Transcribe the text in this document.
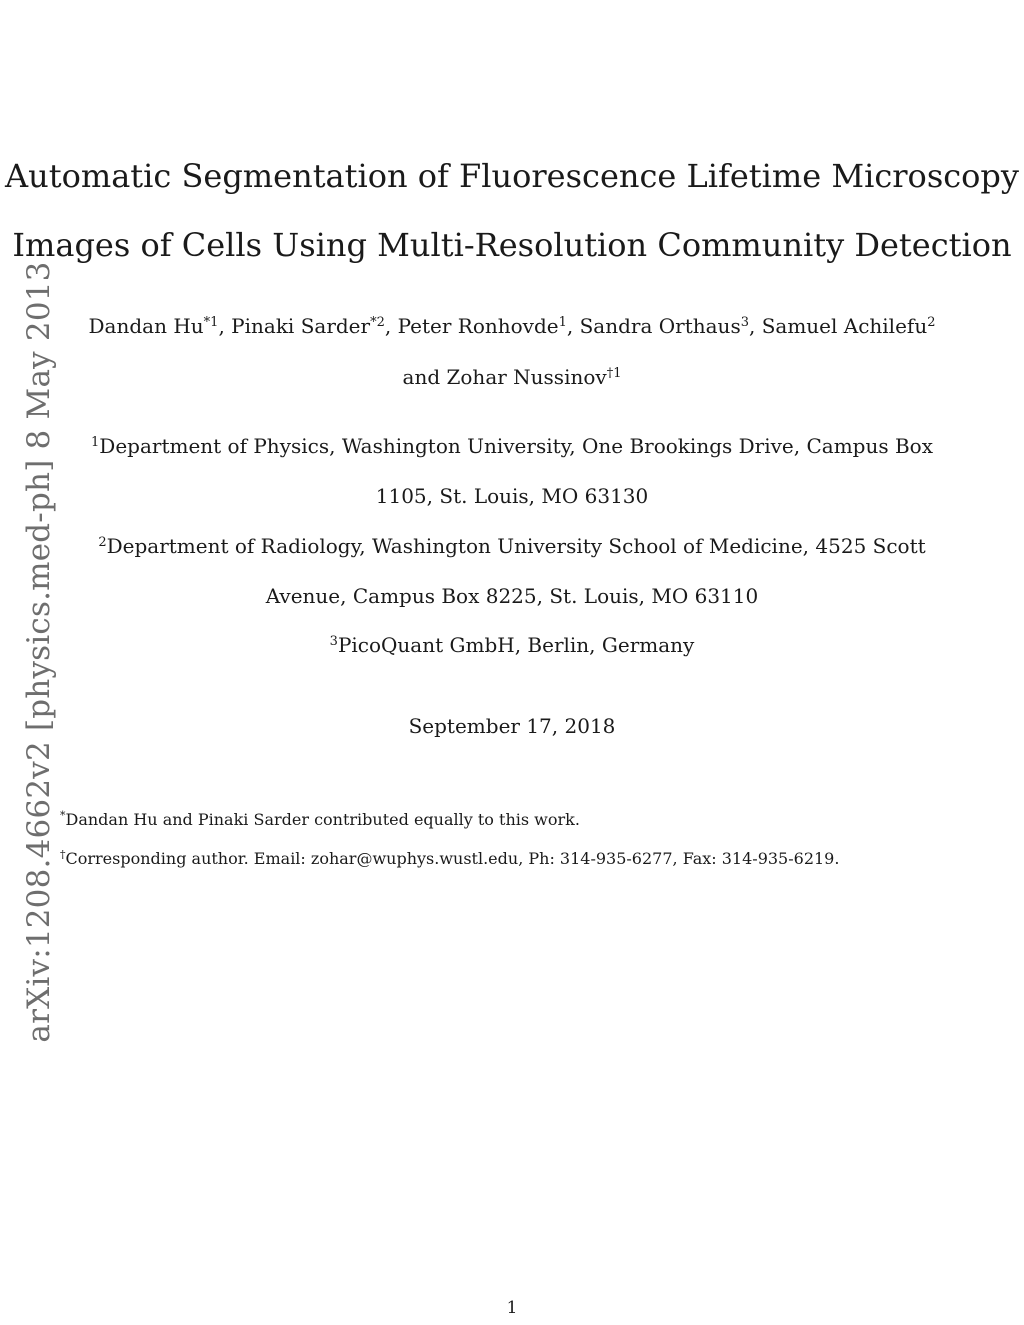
arXiv:1208.4662v2 [physics.med-ph] 8 May 2013
Automatic Segmentation of Fluorescence Lifetime Microscopy
Images of Cells Using Multi-Resolution Community Detection
Dandan Hu$^{*1}$, Pinaki Sarder$^{*2}$, Peter Ronhovde$^1$, Sandra Orthaus$^3$, Samuel Achilefu$^2$
and Zohar Nussinov$^{\dagger 1}$
$^1$Department of Physics, Washington University, One Brookings Drive, Campus Box
1105, St. Louis, MO 63130
$^2$Department of Radiology, Washington University School of Medicine, 4525 Scott
Avenue, Campus Box 8225, St. Louis, MO 63110
$^3$PicoQuant GmbH, Berlin, Germany
September 17, 2018
*Dandan Hu and Pinaki Sarder contributed equally to this work.
†Corresponding author. Email: zohar@wuphys.wustl.edu, Ph: 314-935-6277, Fax: 314-935-6219.
1
